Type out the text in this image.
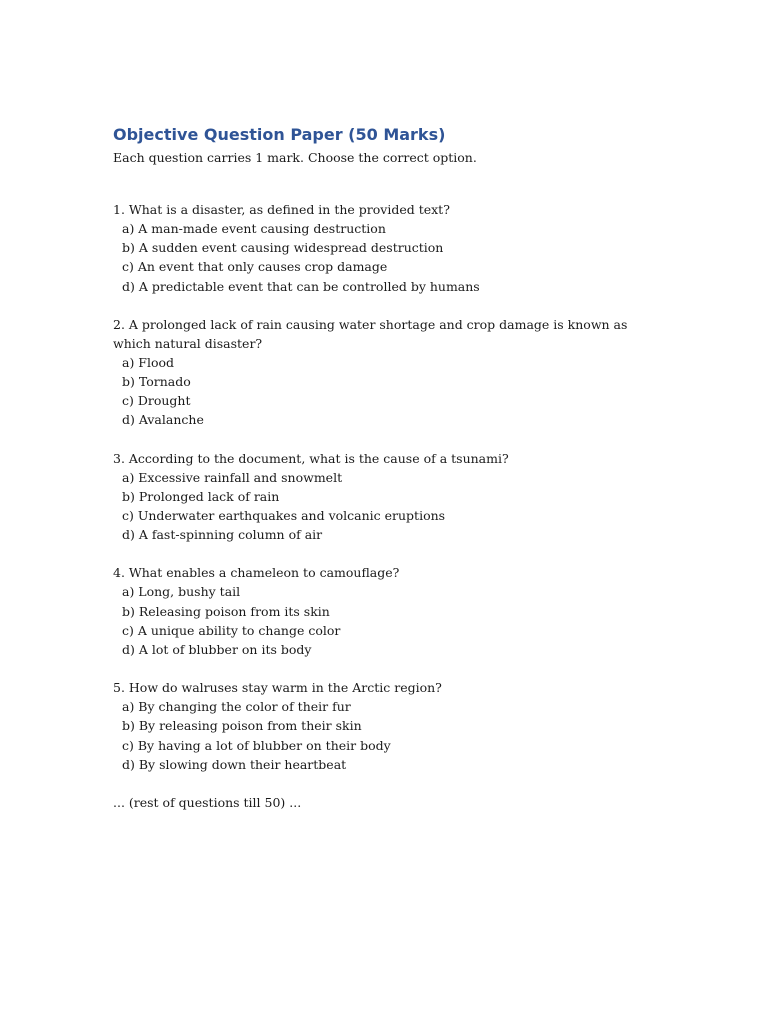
Objective Question Paper (50 Marks)
Each question carries 1 mark. Choose the correct option.
1. What is a disaster, as defined in the provided text?
a) A man-made event causing destruction
b) A sudden event causing widespread destruction
c) An event that only causes crop damage
d) A predictable event that can be controlled by humans
2. A prolonged lack of rain causing water shortage and crop damage is known as which natural disaster?
a) Flood
b) Tornado
c) Drought
d) Avalanche
3. According to the document, what is the cause of a tsunami?
a) Excessive rainfall and snowmelt
b) Prolonged lack of rain
c) Underwater earthquakes and volcanic eruptions
d) A fast-spinning column of air
4. What enables a chameleon to camouflage?
a) Long, bushy tail
b) Releasing poison from its skin
c) A unique ability to change color
d) A lot of blubber on its body
5. How do walruses stay warm in the Arctic region?
a) By changing the color of their fur
b) By releasing poison from their skin
c) By having a lot of blubber on their body
d) By slowing down their heartbeat
... (rest of questions till 50) ...
